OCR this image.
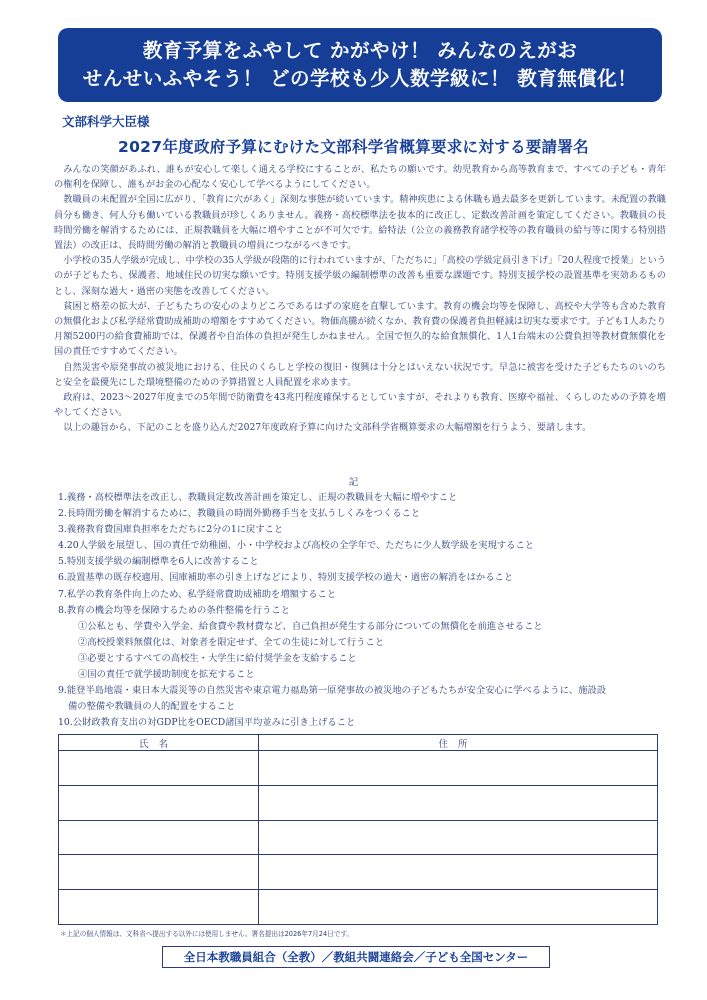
教育予算をふやして かがやけ！ みんなのえがお
せんせいふやそう！ どの学校も少人数学級に！ 教育無償化！
文部科学大臣様
2027年度政府予算にむけた文部科学省概算要求に対する要請署名

みんなの笑顔があふれ、誰もが安心して楽しく通える学校にすることが、私たちの願いです。幼児教育から高等教育まで、すべての子ども・青年の権利を保障し、誰もがお金の心配なく安心して学べるようにしてください。

教職員の未配置が全国に広がり、「教育に穴があく」深刻な事態が続いています。精神疾患による休職も過去最多を更新しています。未配置の教職員分も働き、何人分も働いている教職員が珍しくありません。義務・高校標準法を抜本的に改正し、定数改善計画を策定してください。教職員の長時間労働を解消するためには、正規教職員を大幅に増やすことが不可欠です。給特法（公立の義務教育諸学校等の教育職員の給与等に関する特別措置法）の改正は、長時間労働の解消と教職員の増員につながるべきです。

小学校の35人学級が完成し、中学校の35人学級が段階的に行われていますが、「ただちに」「高校の学級定員引き下げ」「20人程度で授業」というのが子どもたち、保護者、地域住民の切実な願いです。特別支援学級の編制標準の改善も重要な課題です。特別支援学校の設置基準を実効あるものとし、深刻な過大・過密の実態を改善してください。

貧困と格差の拡大が、子どもたちの安心のよりどころであるはずの家庭を直撃しています。教育の機会均等を保障し、高校や大学等も含めた教育の無償化および私学経常費助成補助の増額をすすめてください。物価高騰が続くなか、教育費の保護者負担軽減は切実な要求です。子ども1人あたり月額5200円の給食費補助では、保護者や自治体の負担が発生しかねません。全国で恒久的な給食無償化、1人1台端末の公費負担等教材費無償化を国の責任ですすめてください。

自然災害や原発事故の被災地における、住民のくらしと学校の復旧・復興は十分とはいえない状況です。早急に被害を受けた子どもたちのいのちと安全を最優先にした環境整備のための予算措置と人員配置を求めます。

政府は、2023～2027年度までの5年間で防衛費を43兆円程度確保するとしていますが、それよりも教育、医療や福祉、くらしのための予算を増やしてください。

以上の趣旨から、下記のことを盛り込んだ2027年度政府予算に向けた文部科学省概算要求の大幅増額を行うよう、要請します。

記
1.義務・高校標準法を改正し、教職員定数改善計画を策定し、正規の教職員を大幅に増やすこと
2.長時間労働を解消するために、教職員の時間外勤務手当を支払うしくみをつくること
3.義務教育費国庫負担率をただちに2分の1に戻すこと
4.20人学級を展望し、国の責任で幼稚園、小・中学校および高校の全学年で、ただちに少人数学級を実現すること
5.特別支援学級の編制標準を6人に改善すること
6.設置基準の既存校適用、国庫補助率の引き上げなどにより、特別支援学校の過大・過密の解消をはかること
7.私学の教育条件向上のため、私学経常費助成補助を増額すること
8.教育の機会均等を保障するための条件整備を行うこと
①公私とも、学費や入学金、給食費や教材費など、自己負担が発生する部分についての無償化を前進させること
②高校授業料無償化は、対象者を限定せず、全ての生徒に対して行うこと
③必要とするすべての高校生・大学生に給付奨学金を支給すること
④国の責任で就学援助制度を拡充すること
9.能登半島地震・東日本大震災等の自然災害や東京電力福島第一原発事故の被災地の子どもたちが安全安心に学べるように、施設設
備の整備や教職員の人的配置をすること
10.公財政教育支出の対GDP比をOECD諸国平均並みに引き上げること
氏名	住所

＊上記の個人情報は、文科省へ提出する以外には使用しません。署名提出は2026年7月24日です。
全日本教職員組合（全教）／教組共闘連絡会／子ども全国センター
